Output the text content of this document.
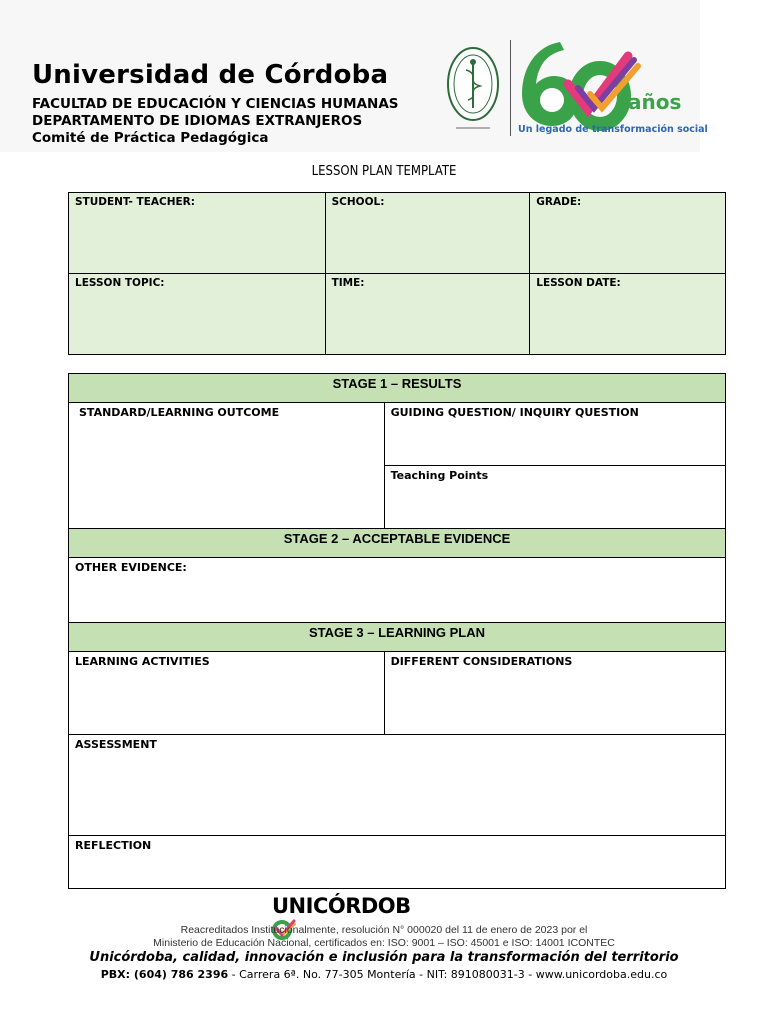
Universidad de Córdoba
FACULTAD DE EDUCACIÓN Y CIENCIAS HUMANAS
DEPARTAMENTO DE IDIOMAS EXTRANJEROS
Comité de Práctica Pedagógica
años
Un legado de transformación social
LESSON PLAN TEMPLATE
STUDENT- TEACHER:	SCHOOL:	GRADE:
LESSON TOPIC:	TIME:	LESSON DATE:
STAGE 1 – RESULTS	
STANDARD/LEARNING OUTCOME	GUIDING QUESTION/ INQUIRY QUESTION
	Teaching Points
STAGE 2 – ACCEPTABLE EVIDENCE	
OTHER EVIDENCE:	
STAGE 3 – LEARNING PLAN	
LEARNING ACTIVITIES	DIFFERENT CONSIDERATIONS
ASSESSMENT	
REFLECTION	
UNICÓRDOB
Reacreditados Institucionalmente, resolución N° 000020 del 11 de enero de 2023 por el
Ministerio de Educación Nacional, certificados en: ISO: 9001 – ISO: 45001 e ISO: 14001 ICONTEC
Unicórdoba, calidad, innovación e inclusión para la transformación del territorio
PBX: (604) 786 2396 - Carrera 6ª. No. 77-305 Montería - NIT: 891080031-3 - www.unicordoba.edu.co
